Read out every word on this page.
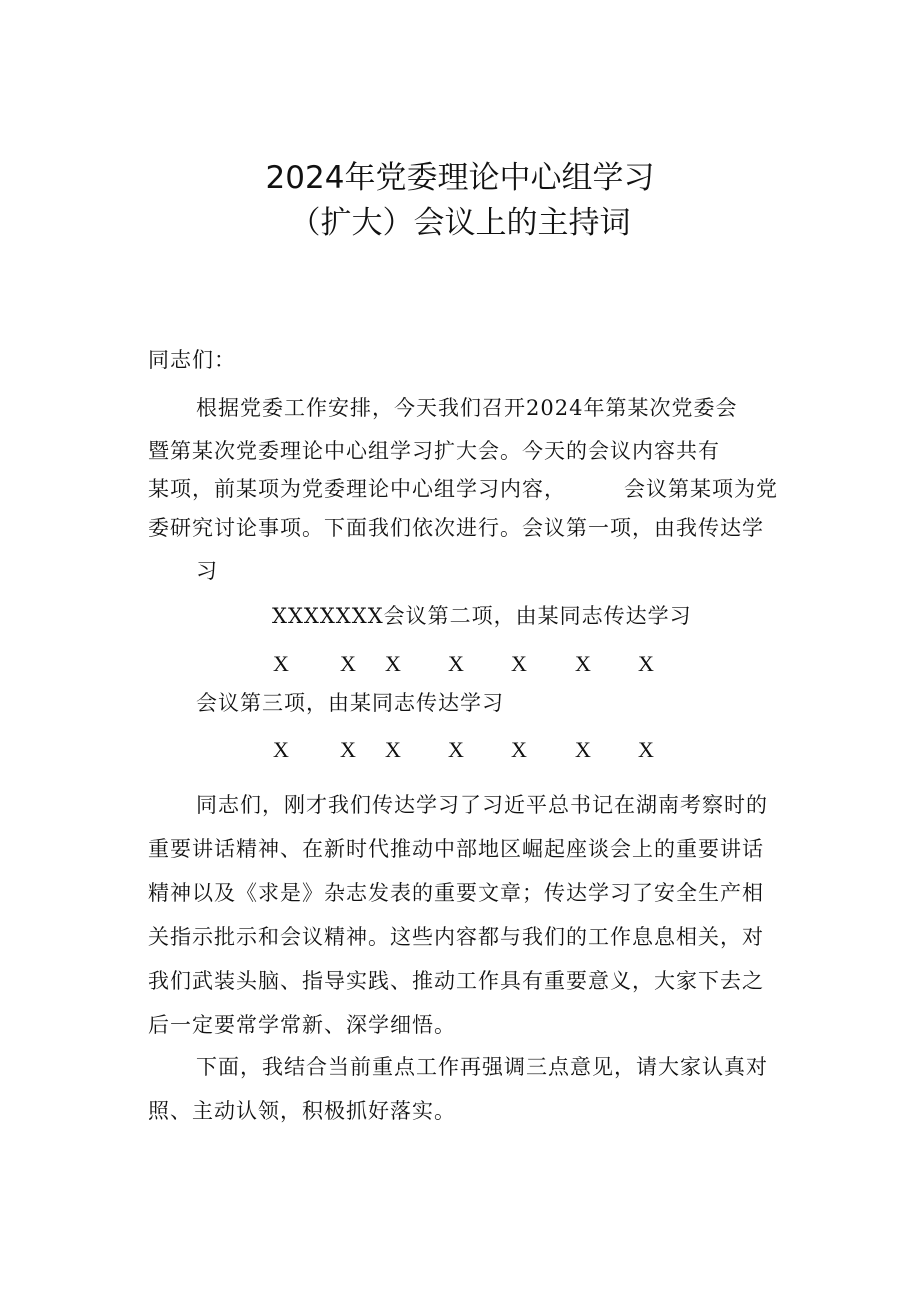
2024年党委理论中心组学习
（扩大）会议上的主持词
同志们：
根据党委工作安排，今天我们召开2024年第某次党委会
暨第某次党委理论中心组学习扩大会。今天的会议内容共有
某项，前某项为党委理论中心组学习内容，	会议第某项为党
委研究讨论事项。下面我们依次进行。会议第一项，由我传达学
习
XXXXXXX会议第二项，由某同志传达学习
X X X X X X X
会议第三项，由某同志传达学习
X X X X X X X
同志们，刚才我们传达学习了习近平总书记在湖南考察时的
重要讲话精神、在新时代推动中部地区崛起座谈会上的重要讲话
精神以及《求是》杂志发表的重要文章；传达学习了安全生产相
关指示批示和会议精神。这些内容都与我们的工作息息相关，对
我们武装头脑、指导实践、推动工作具有重要意义，大家下去之
后一定要常学常新、深学细悟。
下面，我结合当前重点工作再强调三点意见，请大家认真对
照、主动认领，积极抓好落实。
